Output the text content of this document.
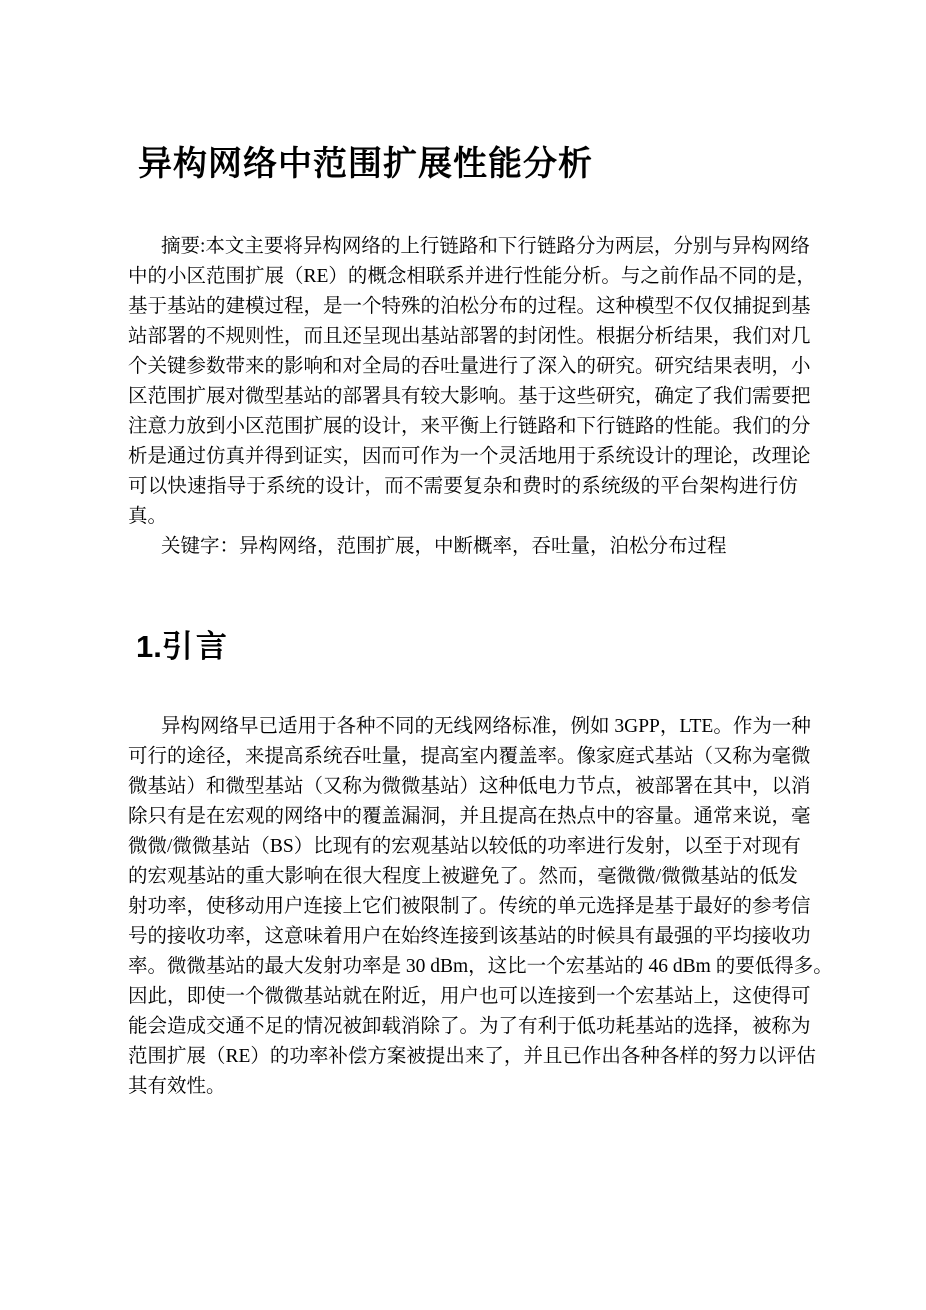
异构网络中范围扩展性能分析
摘要:本文主要将异构网络的上行链路和下行链路分为两层，分别与异构网络
中的小区范围扩展（RE）的概念相联系并进行性能分析。与之前作品不同的是，
基于基站的建模过程，是一个特殊的泊松分布的过程。这种模型不仅仅捕捉到基
站部署的不规则性，而且还呈现出基站部署的封闭性。根据分析结果，我们对几
个关键参数带来的影响和对全局的吞吐量进行了深入的研究。研究结果表明，小
区范围扩展对微型基站的部署具有较大影响。基于这些研究，确定了我们需要把
注意力放到小区范围扩展的设计，来平衡上行链路和下行链路的性能。我们的分
析是通过仿真并得到证实，因而可作为一个灵活地用于系统设计的理论，改理论
可以快速指导于系统的设计，而不需要复杂和费时的系统级的平台架构进行仿
真。
关键字：异构网络，范围扩展，中断概率，吞吐量，泊松分布过程
1.引言
异构网络早已适用于各种不同的无线网络标准，例如 3GPP，LTE。作为一种
可行的途径，来提高系统吞吐量，提高室内覆盖率。像家庭式基站（又称为毫微
微基站）和微型基站（又称为微微基站）这种低电力节点，被部署在其中，以消
除只有是在宏观的网络中的覆盖漏洞，并且提高在热点中的容量。通常来说，毫
微微/微微基站（BS）比现有的宏观基站以较低的功率进行发射，以至于对现有
的宏观基站的重大影响在很大程度上被避免了。然而，毫微微/微微基站的低发
射功率，使移动用户连接上它们被限制了。传统的单元选择是基于最好的参考信
号的接收功率，这意味着用户在始终连接到该基站的时候具有最强的平均接收功
率。微微基站的最大发射功率是 30 dBm，这比一个宏基站的 46 dBm 的要低得多。
因此，即使一个微微基站就在附近，用户也可以连接到一个宏基站上，这使得可
能会造成交通不足的情况被卸载消除了。为了有利于低功耗基站的选择，被称为
范围扩展（RE）的功率补偿方案被提出来了，并且已作出各种各样的努力以评估
其有效性。
